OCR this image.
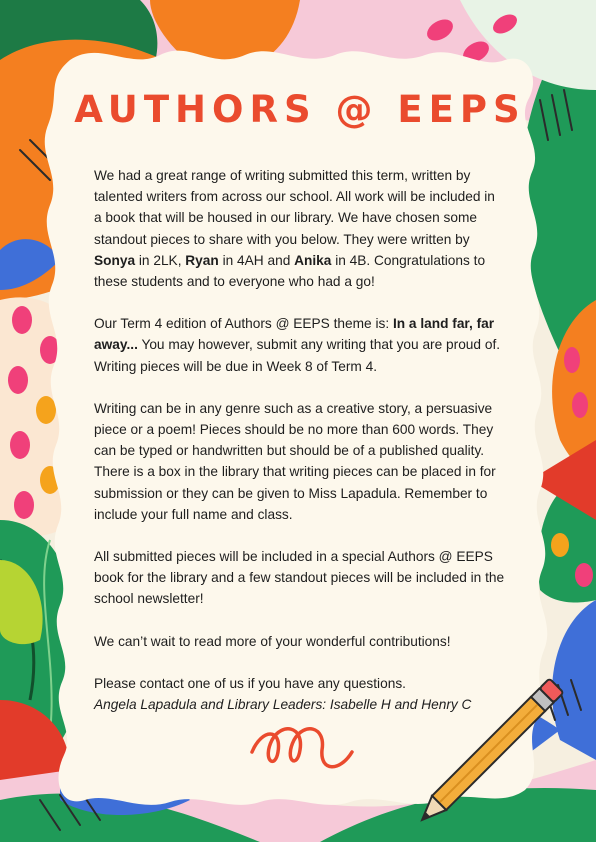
AUTHORS @ EEPS

We had a great range of writing submitted this term, written by talented writers from across our school. All work will be included in a book that will be housed in our library. We have chosen some standout pieces to share with you below. They were written by Sonya in 2LK, Ryan in 4AH and Anika in 4B. Congratulations to these students and to everyone who had a go!

Our Term 4 edition of Authors @ EEPS theme is: In a land far, far away... You may however, submit any writing that you are proud of. Writing pieces will be due in Week 8 of Term 4.

Writing can be in any genre such as a creative story, a persuasive piece or a poem! Pieces should be no more than 600 words. They can be typed or handwritten but should be of a published quality. There is a box in the library that writing pieces can be placed in for submission or they can be given to Miss Lapadula. Remember to include your full name and class.

All submitted pieces will be included in a special Authors @ EEPS book for the library and a few standout pieces will be included in the school newsletter!

We can’t wait to read more of your wonderful contributions!

Please contact one of us if you have any questions.
Angela Lapadula and Library Leaders: Isabelle H and Henry C
